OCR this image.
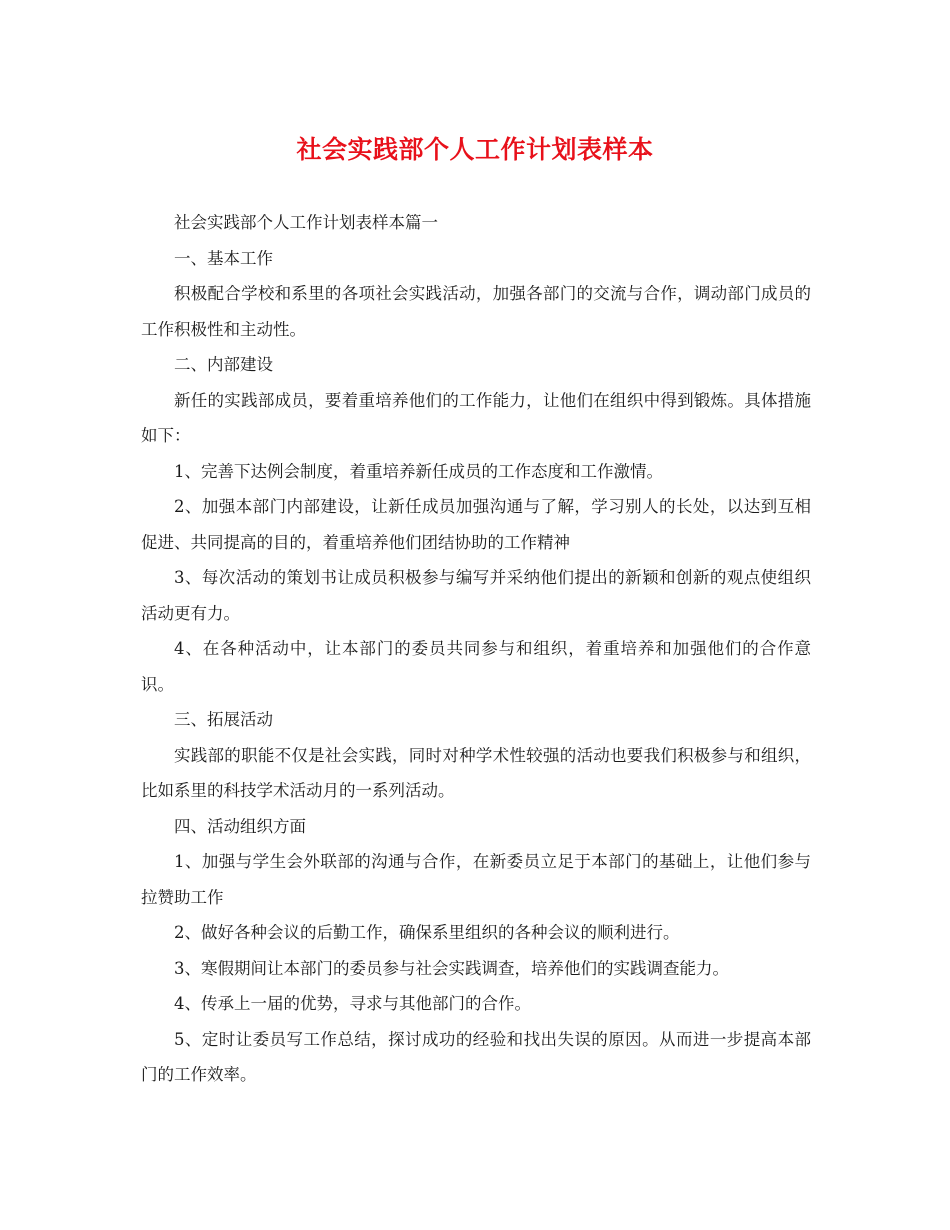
社会实践部个人工作计划表样本

社会实践部个人工作计划表样本篇一

一、基本工作

积极配合学校和系里的各项社会实践活动，加强各部门的交流与合作，调动部门成员的工作积极性和主动性。

二、内部建设

新任的实践部成员，要着重培养他们的工作能力，让他们在组织中得到锻炼。具体措施如下：

1、完善下达例会制度，着重培养新任成员的工作态度和工作激情。

2、加强本部门内部建设，让新任成员加强沟通与了解，学习别人的长处，以达到互相促进、共同提高的目的，着重培养他们团结协助的工作精神

3、每次活动的策划书让成员积极参与编写并采纳他们提出的新颖和创新的观点使组织活动更有力。

4、在各种活动中，让本部门的委员共同参与和组织，着重培养和加强他们的合作意识。

三、拓展活动

实践部的职能不仅是社会实践，同时对种学术性较强的活动也要我们积极参与和组织，比如系里的科技学术活动月的一系列活动。

四、活动组织方面

1、加强与学生会外联部的沟通与合作，在新委员立足于本部门的基础上，让他们参与拉赞助工作

2、做好各种会议的后勤工作，确保系里组织的各种会议的顺利进行。

3、寒假期间让本部门的委员参与社会实践调查，培养他们的实践调查能力。

4、传承上一届的优势，寻求与其他部门的合作。

5、定时让委员写工作总结，探讨成功的经验和找出失误的原因。从而进一步提高本部门的工作效率。
